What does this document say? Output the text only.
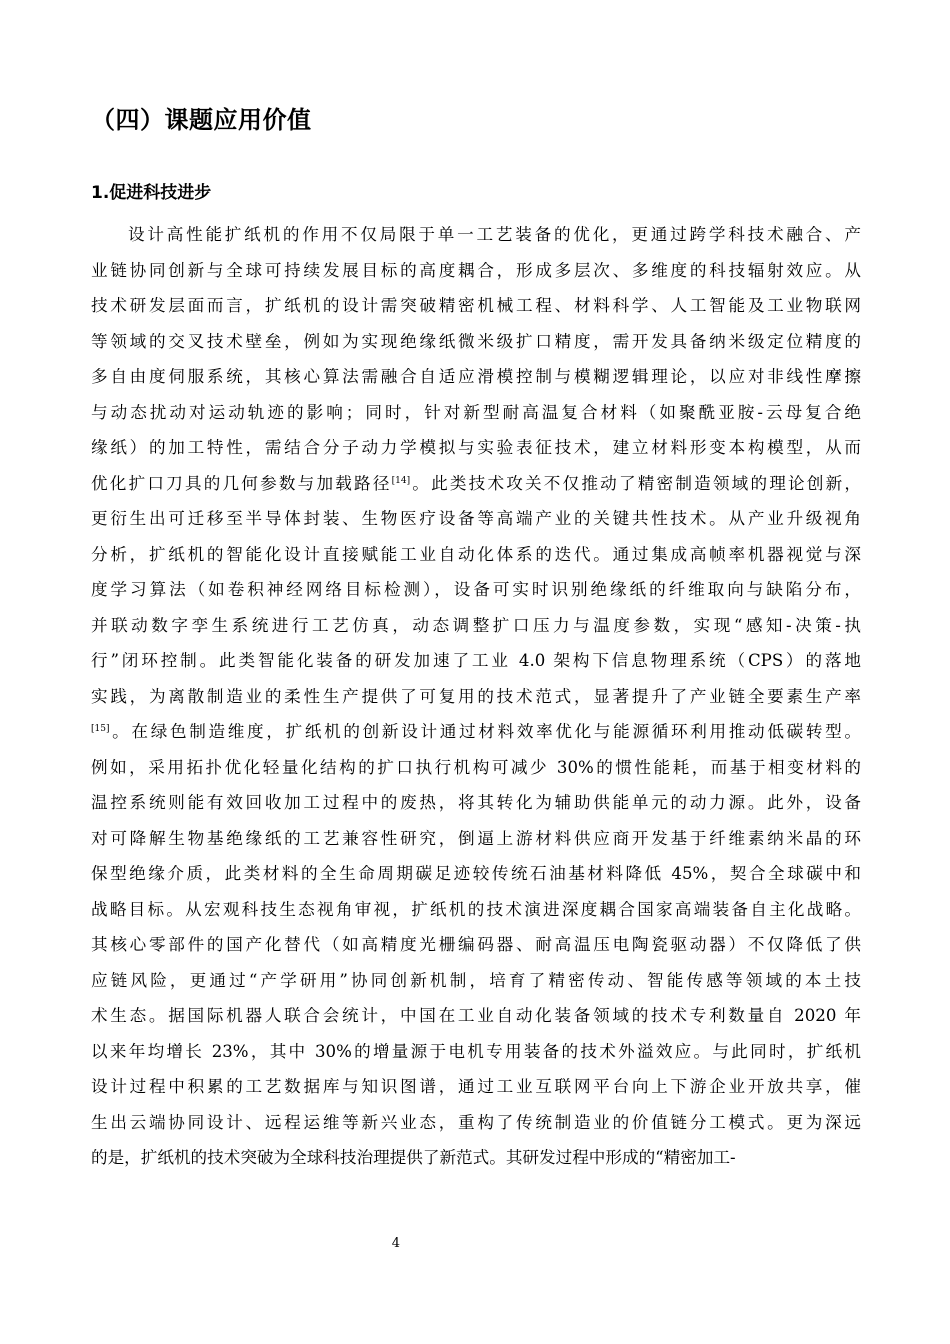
（四）课题应用价值
1.促进科技进步
设计高性能扩纸机的作用不仅局限于单一工艺装备的优化，更通过跨学科技术融合、产
业链协同创新与全球可持续发展目标的高度耦合，形成多层次、多维度的科技辐射效应。从
技术研发层面而言，扩纸机的设计需突破精密机械工程、材料科学、人工智能及工业物联网
等领域的交叉技术壁垒，例如为实现绝缘纸微米级扩口精度，需开发具备纳米级定位精度的
多自由度伺服系统，其核心算法需融合自适应滑模控制与模糊逻辑理论，以应对非线性摩擦
与动态扰动对运动轨迹的影响；同时，针对新型耐高温复合材料（如聚酰亚胺-云母复合绝
缘纸）的加工特性，需结合分子动力学模拟与实验表征技术，建立材料形变本构模型，从而
优化扩口刀具的几何参数与加载路径[14]。此类技术攻关不仅推动了精密制造领域的理论创新，
更衍生出可迁移至半导体封装、生物医疗设备等高端产业的关键共性技术。从产业升级视角
分析，扩纸机的智能化设计直接赋能工业自动化体系的迭代。通过集成高帧率机器视觉与深
度学习算法（如卷积神经网络目标检测），设备可实时识别绝缘纸的纤维取向与缺陷分布，
并联动数字孪生系统进行工艺仿真，动态调整扩口压力与温度参数，实现“感知-决策-执
行”闭环控制。此类智能化装备的研发加速了工业 4.0 架构下信息物理系统（CPS）的落地
实践，为离散制造业的柔性生产提供了可复用的技术范式，显著提升了产业链全要素生产率
[15]。在绿色制造维度，扩纸机的创新设计通过材料效率优化与能源循环利用推动低碳转型。
例如，采用拓扑优化轻量化结构的扩口执行机构可减少 30%的惯性能耗，而基于相变材料的
温控系统则能有效回收加工过程中的废热，将其转化为辅助供能单元的动力源。此外，设备
对可降解生物基绝缘纸的工艺兼容性研究，倒逼上游材料供应商开发基于纤维素纳米晶的环
保型绝缘介质，此类材料的全生命周期碳足迹较传统石油基材料降低 45%，契合全球碳中和
战略目标。从宏观科技生态视角审视，扩纸机的技术演进深度耦合国家高端装备自主化战略。
其核心零部件的国产化替代（如高精度光栅编码器、耐高温压电陶瓷驱动器）不仅降低了供
应链风险，更通过“产学研用”协同创新机制，培育了精密传动、智能传感等领域的本土技
术生态。据国际机器人联合会统计，中国在工业自动化装备领域的技术专利数量自 2020 年
以来年均增长 23%，其中 30%的增量源于电机专用装备的技术外溢效应。与此同时，扩纸机
设计过程中积累的工艺数据库与知识图谱，通过工业互联网平台向上下游企业开放共享，催
生出云端协同设计、远程运维等新兴业态，重构了传统制造业的价值链分工模式。更为深远
的是，扩纸机的技术突破为全球科技治理提供了新范式。其研发过程中形成的“精密加工-
4
